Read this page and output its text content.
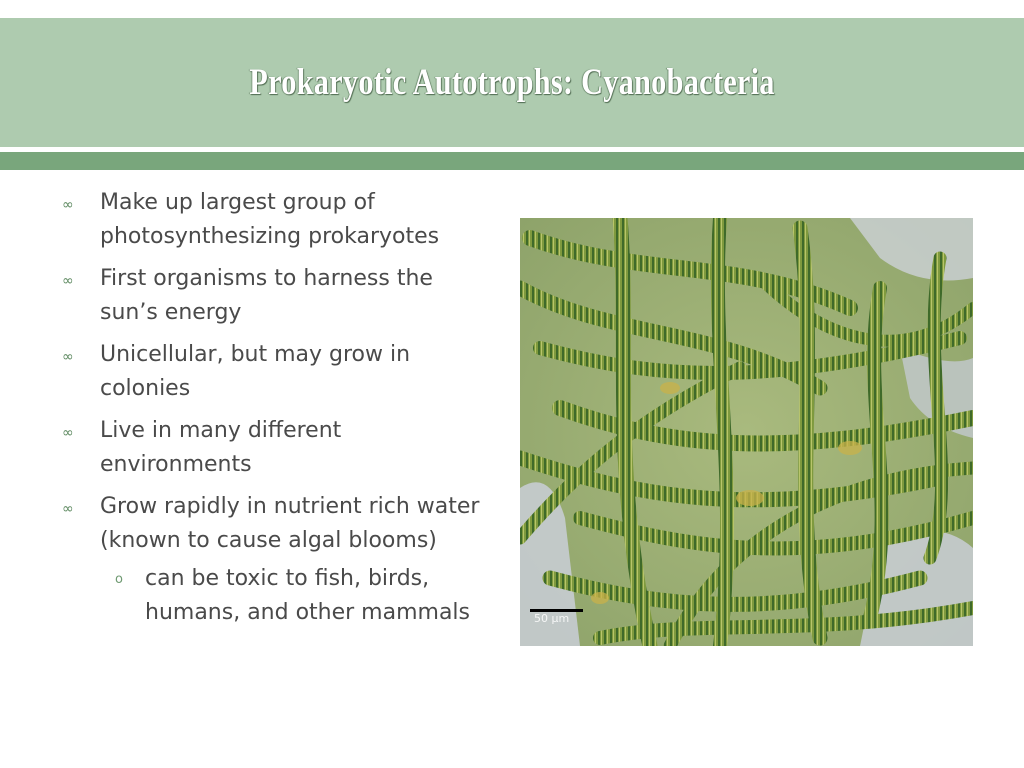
Prokaryotic Autotrophs: Cyanobacteria
∞	Make up largest group of photosynthesizing prokaryotes
∞	First organisms to harness the sun’s energy
∞	Unicellular, but may grow in colonies
∞	Live in many different environments
∞	Grow rapidly in nutrient rich water (known to cause algal blooms)
o	can be toxic to fish, birds, humans, and other mammals	50 µm
